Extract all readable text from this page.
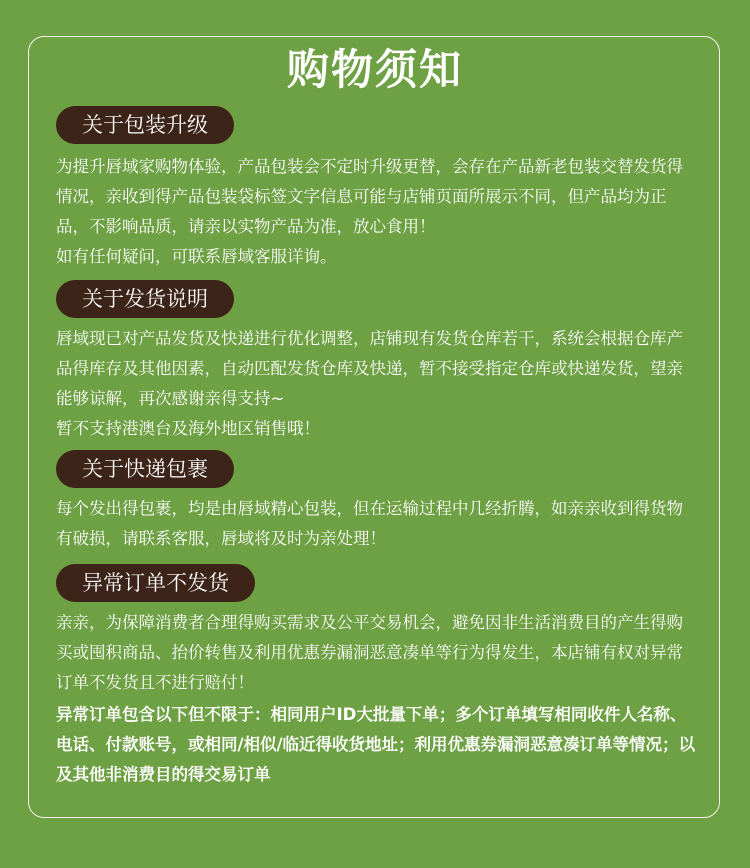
购物须知
关于包装升级

为提升唇域家购物体验，产品包装会不定时升级更替，会存在产品新老包装交替发货得情况，亲收到得产品包装袋标签文字信息可能与店铺页面所展示不同，但产品均为正品，不影响品质，请亲以实物产品为准，放心食用！

如有任何疑问，可联系唇域客服详询。

关于发货说明

唇域现已对产品发货及快递进行优化调整，店铺现有发货仓库若干，系统会根据仓库产品得库存及其他因素，自动匹配发货仓库及快递，暂不接受指定仓库或快递发货，望亲能够谅解，再次感谢亲得支持~

暂不支持港澳台及海外地区销售哦！

关于快递包裹

每个发出得包裹，均是由唇域精心包装，但在运输过程中几经折腾，如亲亲收到得货物有破损，请联系客服，唇域将及时为亲处理！

异常订单不发货

亲亲，为保障消费者合理得购买需求及公平交易机会，避免因非生活消费目的产生得购买或囤积商品、抬价转售及利用优惠券漏洞恶意凑单等行为得发生，本店铺有权对异常订单不发货且不进行赔付！

异常订单包含以下但不限于：相同用户ID大批量下单；多个订单填写相同收件人名称、电话、付款账号，或相同/相似/临近得收货地址；利用优惠券漏洞恶意凑订单等情况；以及其他非消费目的得交易订单
